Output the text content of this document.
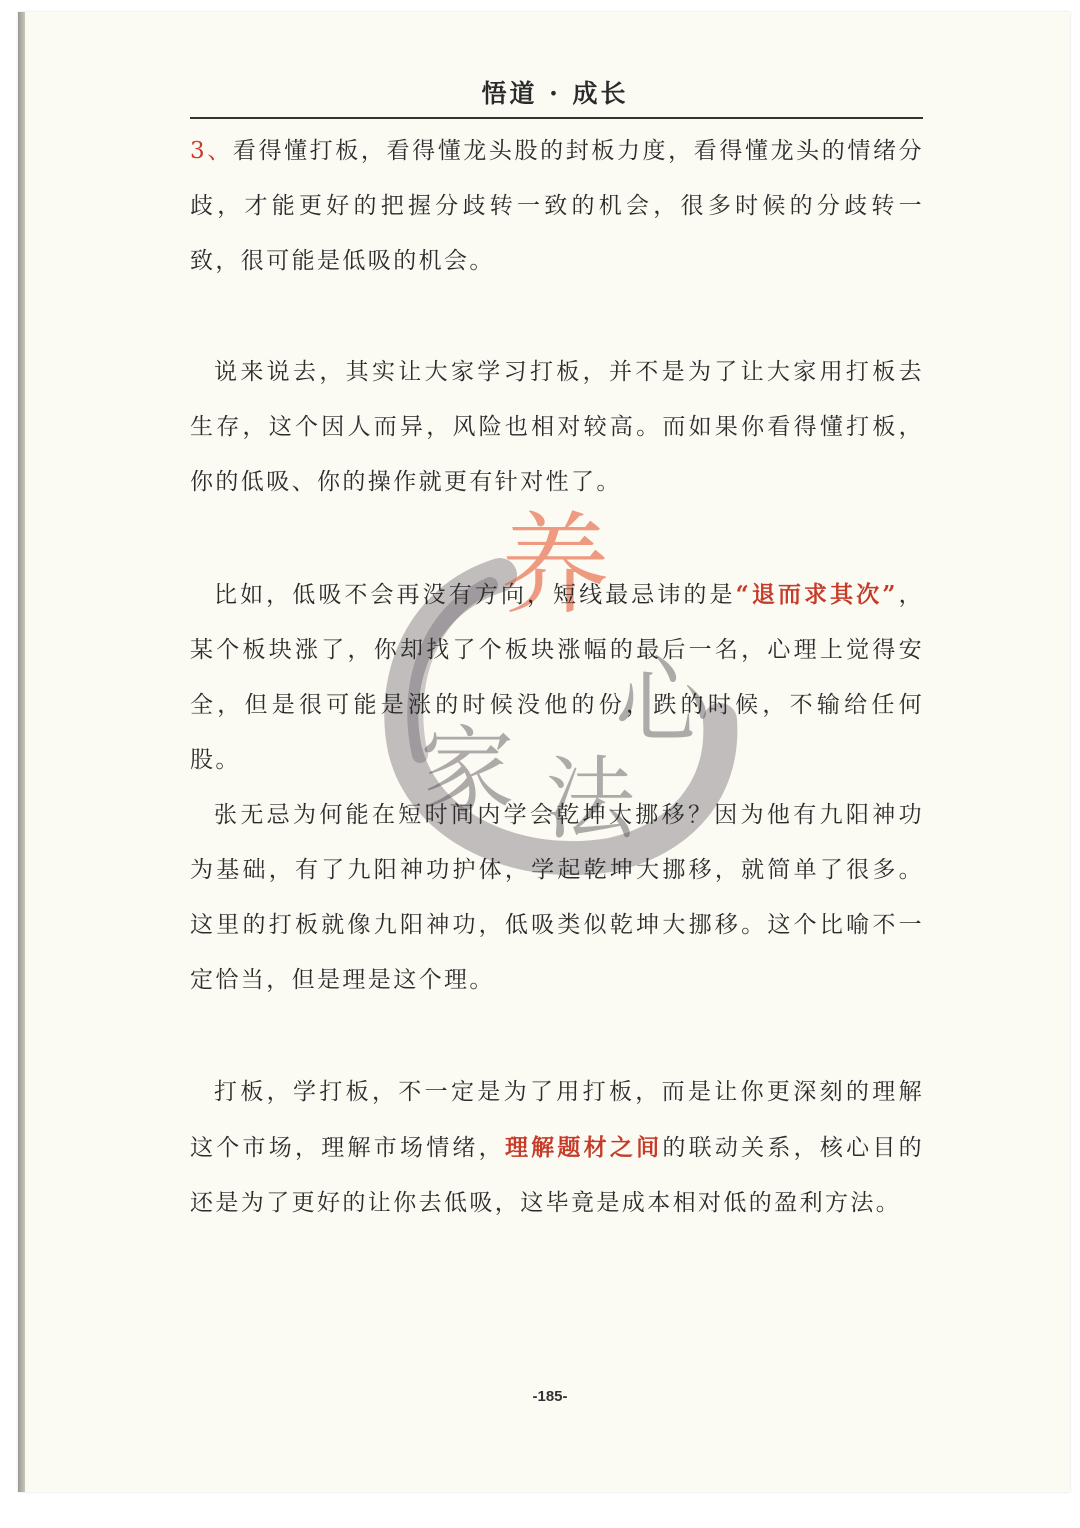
悟道 · 成长
养
心
家 法

3、看得懂打板，看得懂龙头股的封板力度，看得懂龙头的情绪分歧，才能更好的把握分歧转一致的机会，很多时候的分歧转一致，很可能是低吸的机会。

说来说去，其实让大家学习打板，并不是为了让大家用打板去生存，这个因人而异，风险也相对较高。而如果你看得懂打板，你的低吸、你的操作就更有针对性了。

比如，低吸不会再没有方向，短线最忌讳的是“退而求其次”，某个板块涨了，你却找了个板块涨幅的最后一名，心理上觉得安全，但是很可能是涨的时候没他的份，跌的时候，不输给任何股。

张无忌为何能在短时间内学会乾坤大挪移？因为他有九阳神功为基础，有了九阳神功护体，学起乾坤大挪移，就简单了很多。这里的打板就像九阳神功，低吸类似乾坤大挪移。这个比喻不一定恰当，但是理是这个理。

打板，学打板，不一定是为了用打板，而是让你更深刻的理解这个市场，理解市场情绪，理解题材之间的联动关系，核心目的还是为了更好的让你去低吸，这毕竟是成本相对低的盈利方法。

-185-
